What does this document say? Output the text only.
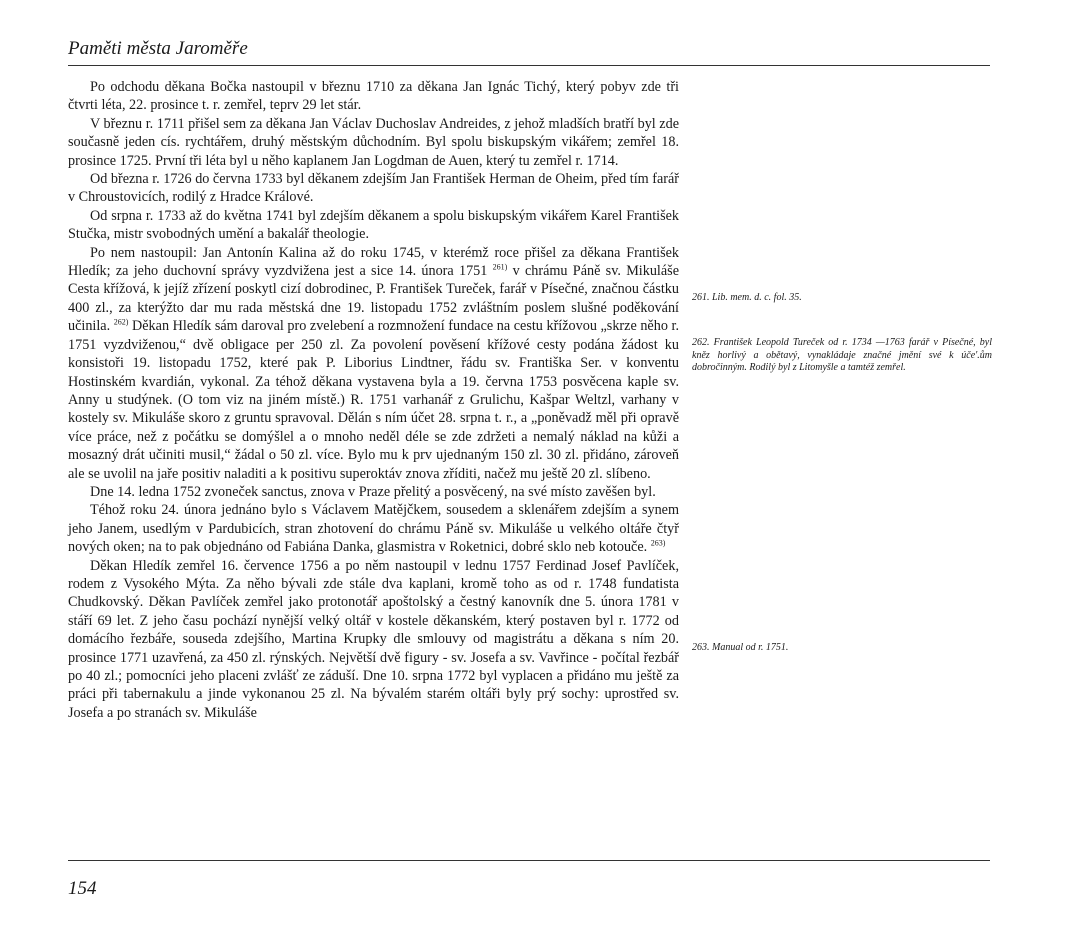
Paměti města Jaroměře

Po odchodu děkana Bočka nastoupil v březnu 1710 za děkana Jan Ignác Tichý, který pobyv zde tři čtvrti léta, 22. prosince t. r. zemřel, teprv 29 let stár.

V březnu r. 1711 přišel sem za děkana Jan Václav Duchoslav Andreides, z jehož mladších bratří byl zde současně jeden cís. rychtářem, druhý městským důchodním. Byl spolu biskupským vikářem; zemřel 18. prosince 1725. První tři léta byl u něho kaplanem Jan Logdman de Auen, který tu zemřel r. 1714.

Od března r. 1726 do června 1733 byl děkanem zdejším Jan František Herman de Oheim, před tím farář v Chroustovicích, rodilý z Hradce Králové.

Od srpna r. 1733 až do května 1741 byl zdejším děkanem a spolu biskupským vikářem Karel František Stučka, mistr svobodných umění a bakalář theologie.

Po nem nastoupil: Jan Antonín Kalina až do roku 1745, v kterémž roce přišel za děkana František Hledík; za jeho duchovní správy vyzdvižena jest a sice 14. února 1751 $^{261)}$ v chrámu Páně sv. Mikuláše Cesta křížová, k jejíž zřízení poskytl cizí dobrodinec, P. František Tureček, farář v Písečné, značnou částku 400 zl., za kterýžto dar mu rada městská dne 19. listopadu 1752 zvláštním poslem slušné poděkování učinila. $^{262)}$ Děkan Hledík sám daroval pro zvelebení a rozmnožení fundace na cestu křížovou „skrze něho r. 1751 vyzdviženou,“ dvě obligace per 250 zl. Za povolení pověsení křížové cesty podána žádost ku konsistoři 19. listopadu 1752, které pak P. Liborius Lindtner, řádu sv. Františka Ser. v konventu Hostinském kvardián, vykonal. Za téhož děkana vystavena byla a 19. června 1753 posvěcena kaple sv. Anny u studýnek. (O tom viz na jiném místě.) R. 1751 varhanář z Grulichu, Kašpar Weltzl, varhany v kostely sv. Mikuláše skoro z gruntu spravoval. Dělán s ním účet 28. srpna t. r., a „poněvadž měl při opravě více práce, než z počátku se domýšlel a o mnoho neděl déle se zde zdržeti a nemalý náklad na kůži a mosazný drát učiniti musil,“ žádal o 50 zl. více. Bylo mu k prv ujednaným 150 zl. 30 zl. přidáno, zároveň ale se uvolil na jaře positiv naladiti a k positivu superoktáv znova zříditi, načež mu ještě 20 zl. slíbeno.

Dne 14. ledna 1752 zvoneček sanctus, znova v Praze přelitý a posvěcený, na své místo zavěšen byl.

Téhož roku 24. února jednáno bylo s Václavem Matějčkem, sousedem a sklenářem zdejším a synem jeho Janem, usedlým v Pardubicích, stran zhotovení do chrámu Páně sv. Mikuláše u velkého oltáře čtyř nových oken; na to pak objednáno od Fabiána Danka, glasmistra v Roketnici, dobré sklo neb kotouče. $^{263)}$

Děkan Hledík zemřel 16. července 1756 a po něm nastoupil v lednu 1757 Ferdinad Josef Pavlíček, rodem z Vysokého Mýta. Za něho bývali zde stále dva kaplani, kromě toho as od r. 1748 fundatista Chudkovský. Děkan Pavlíček zemřel jako protonotář apoštolský a čestný kanovník dne 5. února 1781 v stáří 69 let. Z jeho času pochází nynější velký oltář v kostele děkanském, který postaven byl r. 1772 od domácího řezbáře, souseda zdejšího, Martina Krupky dle smlouvy od magistrátu a děkana s ním 20. prosince 1771 uzavřená, za 450 zl. rýnských. Největší dvě figury - sv. Josefa a sv. Vavřince - počítal řezbář po 40 zl.; pomocníci jeho placeni zvlášť ze záduší. Dne 10. srpna 1772 byl vyplacen a přidáno mu ještě za práci při tabernakulu a jinde vykonanou 25 zl. Na bývalém starém oltáři byly prý sochy: uprostřed sv. Josefa a po stranách sv. Mikuláše

261. Lib. mem. d. c. fol. 35.
262. František Leopold Tureček od r. 1734 —1763 farář v Písečné, byl kněz horlivý a obětavý, vynakládaje značné jmění své k úče'.ům dobročinným. Rodilý byl z Litomyšle a tamtéž zemřel.
263. Manual od r. 1751.
154
